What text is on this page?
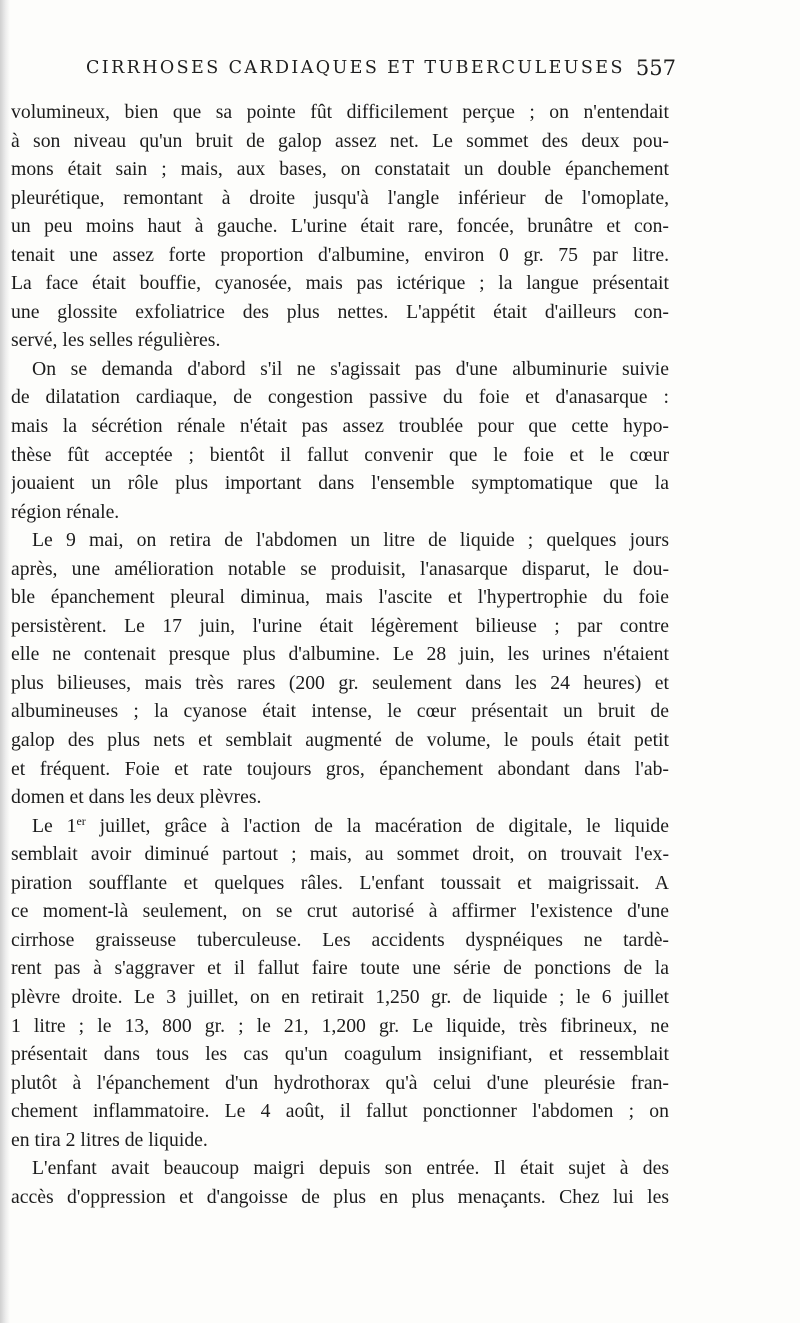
CIRRHOSES CARDIAQUES ET TUBERCULEUSES 557
volumineux, bien que sa pointe fût difficilement perçue ; on n'entendait
à son niveau qu'un bruit de galop assez net. Le sommet des deux pou-
mons était sain ; mais, aux bases, on constatait un double épanchement
pleurétique, remontant à droite jusqu'à l'angle inférieur de l'omoplate,
un peu moins haut à gauche. L'urine était rare, foncée, brunâtre et con-
tenait une assez forte proportion d'albumine, environ 0 gr. 75 par litre.
La face était bouffie, cyanosée, mais pas ictérique ; la langue présentait
une glossite exfoliatrice des plus nettes. L'appétit était d'ailleurs con-
servé, les selles régulières.
On se demanda d'abord s'il ne s'agissait pas d'une albuminurie suivie
de dilatation cardiaque, de congestion passive du foie et d'anasarque :
mais la sécrétion rénale n'était pas assez troublée pour que cette hypo-
thèse fût acceptée ; bientôt il fallut convenir que le foie et le cœur
jouaient un rôle plus important dans l'ensemble symptomatique que la
région rénale.
Le 9 mai, on retira de l'abdomen un litre de liquide ; quelques jours
après, une amélioration notable se produisit, l'anasarque disparut, le dou-
ble épanchement pleural diminua, mais l'ascite et l'hypertrophie du foie
persistèrent. Le 17 juin, l'urine était légèrement bilieuse ; par contre
elle ne contenait presque plus d'albumine. Le 28 juin, les urines n'étaient
plus bilieuses, mais très rares (200 gr. seulement dans les 24 heures) et
albumineuses ; la cyanose était intense, le cœur présentait un bruit de
galop des plus nets et semblait augmenté de volume, le pouls était petit
et fréquent. Foie et rate toujours gros, épanchement abondant dans l'ab-
domen et dans les deux plèvres.
Le 1er juillet, grâce à l'action de la macération de digitale, le liquide
semblait avoir diminué partout ; mais, au sommet droit, on trouvait l'ex-
piration soufflante et quelques râles. L'enfant toussait et maigrissait. A
ce moment-là seulement, on se crut autorisé à affirmer l'existence d'une
cirrhose graisseuse tuberculeuse. Les accidents dyspnéiques ne tardè-
rent pas à s'aggraver et il fallut faire toute une série de ponctions de la
plèvre droite. Le 3 juillet, on en retirait 1,250 gr. de liquide ; le 6 juillet
1 litre ; le 13, 800 gr. ; le 21, 1,200 gr. Le liquide, très fibrineux, ne
présentait dans tous les cas qu'un coagulum insignifiant, et ressemblait
plutôt à l'épanchement d'un hydrothorax qu'à celui d'une pleurésie fran-
chement inflammatoire. Le 4 août, il fallut ponctionner l'abdomen ; on
en tira 2 litres de liquide.
L'enfant avait beaucoup maigri depuis son entrée. Il était sujet à des
accès d'oppression et d'angoisse de plus en plus menaçants. Chez lui les
